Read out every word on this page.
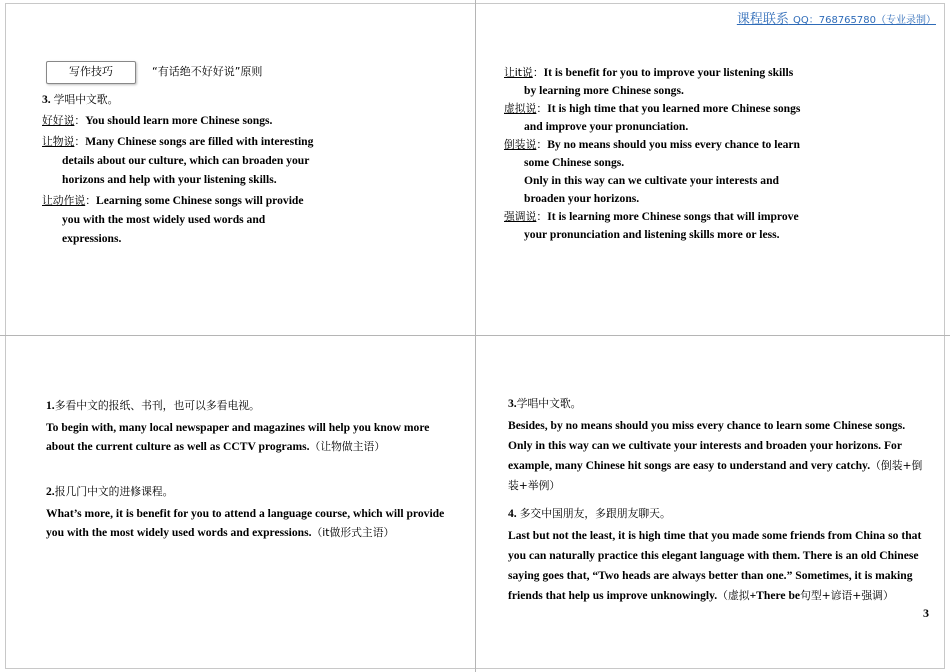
课程联系 QQ：768765780（专业录制）
写作技巧	“有话绝不好好说”原则

3. 学唱中文歌。

好好说：You should learn more Chinese songs.

让物说：Many Chinese songs are filled with interesting

details about our culture, which can broaden your

horizons and help with your listening skills.

让动作说：Learning some Chinese songs will provide

you with the most widely used words and

expressions.

让it说：It is benefit for you to improve your listening skills

by learning more Chinese songs.

虚拟说：It is high time that you learned more Chinese songs

and improve your pronunciation.

倒装说：By no means should you miss every chance to learn

some Chinese songs.

Only in this way can we cultivate your interests and

broaden your horizons.

强调说：It is learning more Chinese songs that will improve

your pronunciation and listening skills more or less.

1.多看中文的报纸、书刊，也可以多看电视。

To begin with, many local newspaper and magazines will help you know more about the current culture as well as CCTV programs.（让物做主语）

2.报几门中文的进修课程。

What’s more, it is benefit for you to attend a language course, which will provide you with the most widely used words and expressions.（it做形式主语）

3.学唱中文歌。

Besides, by no means should you miss every chance to learn some Chinese songs. Only in this way can we cultivate your interests and broaden your horizons. For example, many Chinese hit songs are easy to understand and very catchy.（倒装+倒装+举例）

4. 多交中国朋友，多跟朋友聊天。

Last but not the least, it is high time that you made some friends from China so that you can naturally practice this elegant language with them. There is an old Chinese saying goes that, “Two heads are always better than one.” Sometimes, it is making friends that help us improve unknowingly.（虚拟+There be句型+谚语+强调）

3
